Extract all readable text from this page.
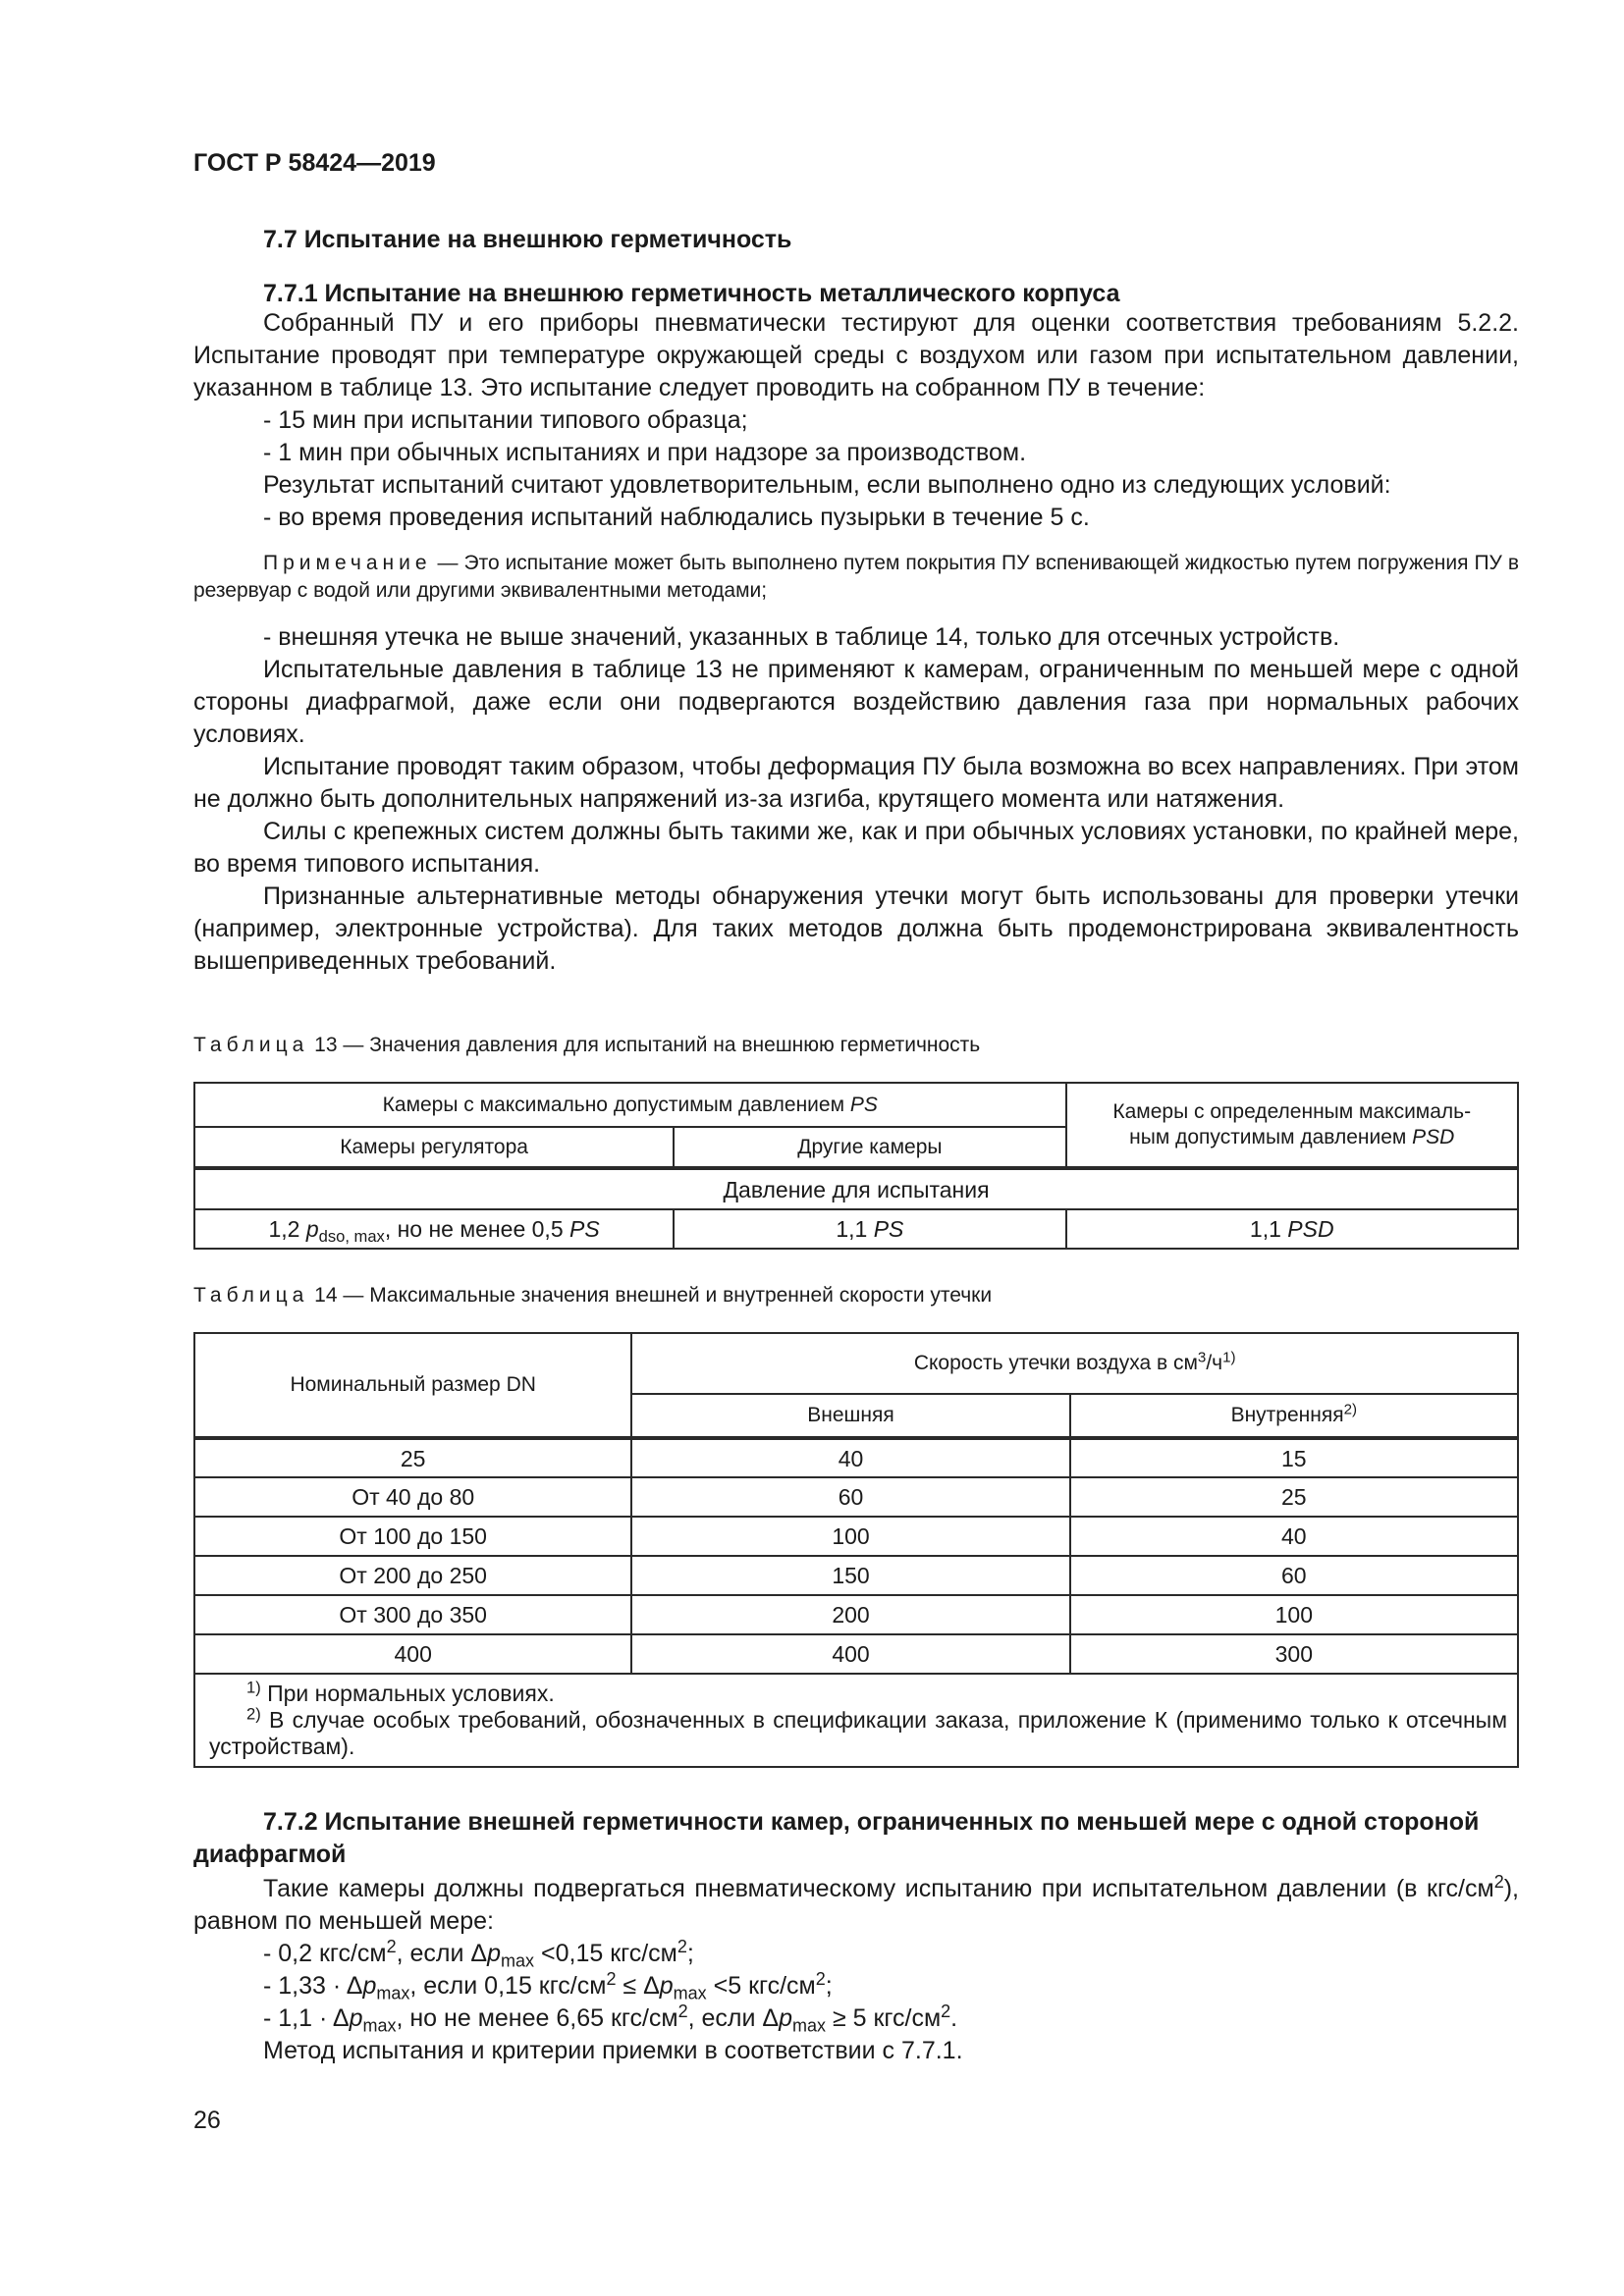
ГОСТ Р 58424—2019
7.7 Испытание на внешнюю герметичность
7.7.1 Испытание на внешнюю герметичность металлического корпуса

Собранный ПУ и его приборы пневматически тестируют для оценки соответствия требованиям 5.2.2. Испытание проводят при температуре окружающей среды с воздухом или газом при испытательном давлении, указанном в таблице 13. Это испытание следует проводить на собранном ПУ в течение:

- 15 мин при испытании типового образца;

- 1 мин при обычных испытаниях и при надзоре за производством.

Результат испытаний считают удовлетворительным, если выполнено одно из следующих условий:

- во время проведения испытаний наблюдались пузырьки в течение 5 с.

Примечание — Это испытание может быть выполнено путем покрытия ПУ вспенивающей жидкостью путем погружения ПУ в резервуар с водой или другими эквивалентными методами;

- внешняя утечка не выше значений, указанных в таблице 14, только для отсечных устройств.

Испытательные давления в таблице 13 не применяют к камерам, ограниченным по меньшей мере с одной стороны диафрагмой, даже если они подвергаются воздействию давления газа при нормальных рабочих условиях.

Испытание проводят таким образом, чтобы деформация ПУ была возможна во всех направлениях. При этом не должно быть дополнительных напряжений из-за изгиба, крутящего момента или натяжения.

Силы с крепежных систем должны быть такими же, как и при обычных условиях установки, по крайней мере, во время типового испытания.

Признанные альтернативные методы обнаружения утечки могут быть использованы для проверки утечки (например, электронные устройства). Для таких методов должна быть продемонстрирована эквивалентность вышеприведенных требований.

Таблица 13 — Значения давления для испытаний на внешнюю герметичность
Камеры с максимально допустимым давлением PS		Камеры с определенным максималь-ным допустимым давлением PSD
Камеры регулятора	Другие камеры	
Давление для испытания		
1,2 $p_{dso, max}$, но не менее 0,5 PS	1,1 PS	1,1 PSD
Таблица 14 — Максимальные значения внешней и внутренней скорости утечки
Номинальный размер DN	Скорость утечки воздуха в $см^3/ч^{1)}$
	Внешняя	Внутренняя$^{2)}$
25	40	15
От 40 до 80	60	25
От 100 до 150	100	40
От 200 до 250	150	60
От 300 до 350	200	100
400	400	300

$^{1)}$ При нормальных условиях.
$^{2)}$ В случае особых требований, обозначенных в спецификации заказа, приложение К (применимо только к отсечным устройствам).		
7.7.2 Испытание внешней герметичности камер, ограниченных по меньшей мере с одной стороной диафрагмой

Такие камеры должны подвергаться пневматическому испытанию при испытательном давлении (в кгс/$см^2$), равном по меньшей мере:

- 0,2 кгс/$см^2$, если $\Delta p_{max} <0,15$ кгс/$см^2$;

- $1,33 \cdot \Delta p_{max}$, если 0,15 кгс/$см^2 \le \Delta p_{max} <5$ кгс/$см^2$;

- $1,1 \cdot \Delta p_{max}$, но не менее 6,65 кгс/$см^2$, если $\Delta p_{max} \ge 5$ кгс/$см^2$.

Метод испытания и критерии приемки в соответствии с 7.7.1.

26
